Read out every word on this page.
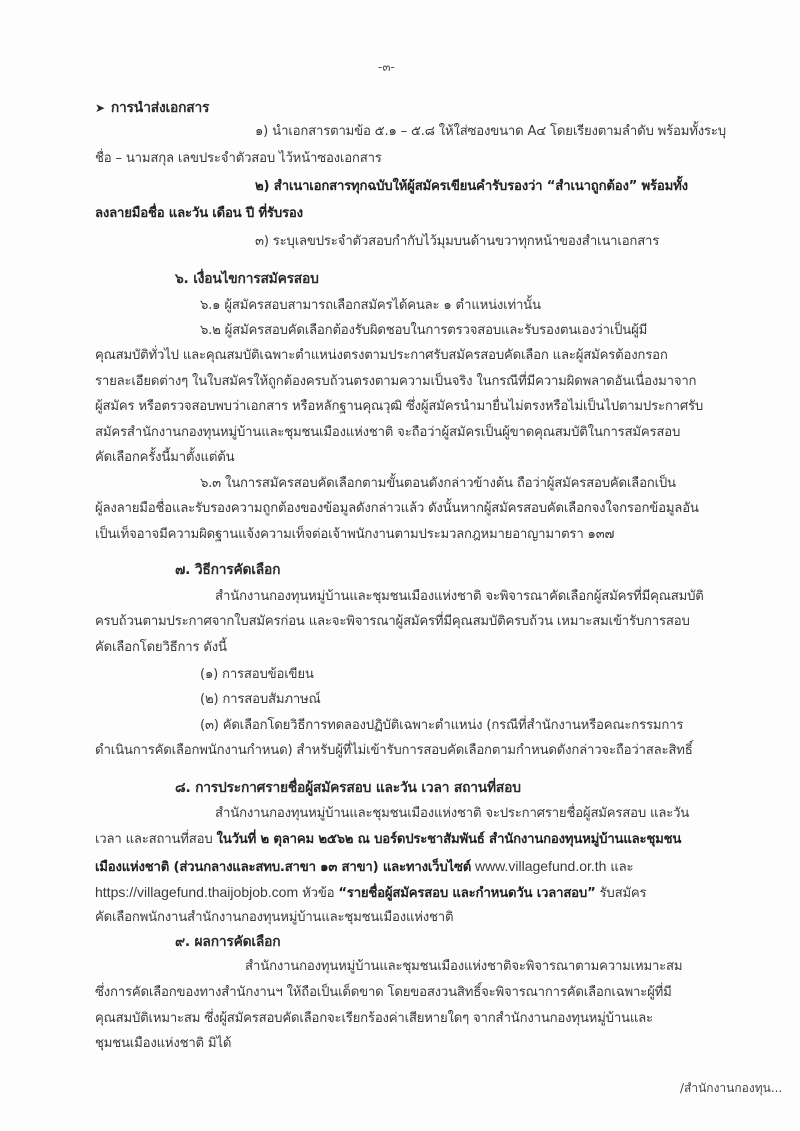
-๓-
➤ การนำส่งเอกสาร
๑) นำเอกสารตามข้อ ๕.๑ – ๕.๘ ให้ใส่ซองขนาด A๔ โดยเรียงตามลำดับ พร้อมทั้งระบุ
ชื่อ – นามสกุล เลขประจำตัวสอบ ไว้หน้าซองเอกสาร
๒) สำเนาเอกสารทุกฉบับให้ผู้สมัครเขียนคำรับรองว่า “สำเนาถูกต้อง” พร้อมทั้ง
ลงลายมือชื่อ และวัน เดือน ปี ที่รับรอง
๓) ระบุเลขประจำตัวสอบกำกับไว้มุมบนด้านขวาทุกหน้าของสำเนาเอกสาร
๖. เงื่อนไขการสมัครสอบ
๖.๑ ผู้สมัครสอบสามารถเลือกสมัครได้คนละ ๑ ตำแหน่งเท่านั้น
๖.๒ ผู้สมัครสอบคัดเลือกต้องรับผิดชอบในการตรวจสอบและรับรองตนเองว่าเป็นผู้มี
คุณสมบัติทั่วไป และคุณสมบัติเฉพาะตำแหน่งตรงตามประกาศรับสมัครสอบคัดเลือก และผู้สมัครต้องกรอก
รายละเอียดต่างๆ ในใบสมัครให้ถูกต้องครบถ้วนตรงตามความเป็นจริง ในกรณีที่มีความผิดพลาดอันเนื่องมาจาก
ผู้สมัคร หรือตรวจสอบพบว่าเอกสาร หรือหลักฐานคุณวุฒิ ซึ่งผู้สมัครนำมายื่นไม่ตรงหรือไม่เป็นไปตามประกาศรับ
สมัครสำนักงานกองทุนหมู่บ้านและชุมชนเมืองแห่งชาติ จะถือว่าผู้สมัครเป็นผู้ขาดคุณสมบัติในการสมัครสอบ
คัดเลือกครั้งนี้มาตั้งแต่ต้น
๖.๓ ในการสมัครสอบคัดเลือกตามขั้นตอนดังกล่าวข้างต้น ถือว่าผู้สมัครสอบคัดเลือกเป็น
ผู้ลงลายมือชื่อและรับรองความถูกต้องของข้อมูลดังกล่าวแล้ว ดังนั้นหากผู้สมัครสอบคัดเลือกจงใจกรอกข้อมูลอัน
เป็นเท็จอาจมีความผิดฐานแจ้งความเท็จต่อเจ้าพนักงานตามประมวลกฎหมายอาญามาตรา ๑๓๗
๗. วิธีการคัดเลือก
สำนักงานกองทุนหมู่บ้านและชุมชนเมืองแห่งชาติ จะพิจารณาคัดเลือกผู้สมัครที่มีคุณสมบัติ
ครบถ้วนตามประกาศจากใบสมัครก่อน และจะพิจารณาผู้สมัครที่มีคุณสมบัติครบถ้วน เหมาะสมเข้ารับการสอบ
คัดเลือกโดยวิธีการ ดังนี้
(๑) การสอบข้อเขียน
(๒) การสอบสัมภาษณ์
(๓) คัดเลือกโดยวิธีการทดลองปฏิบัติเฉพาะตำแหน่ง (กรณีที่สำนักงานหรือคณะกรรมการ
ดำเนินการคัดเลือกพนักงานกำหนด) สำหรับผู้ที่ไม่เข้ารับการสอบคัดเลือกตามกำหนดดังกล่าวจะถือว่าสละสิทธิ์
๘. การประกาศรายชื่อผู้สมัครสอบ และวัน เวลา สถานที่สอบ
สำนักงานกองทุนหมู่บ้านและชุมชนเมืองแห่งชาติ จะประกาศรายชื่อผู้สมัครสอบ และวัน
เวลา และสถานที่สอบ ในวันที่ ๒ ตุลาคม ๒๕๖๒ ณ บอร์ดประชาสัมพันธ์ สำนักงานกองทุนหมู่บ้านและชุมชน
เมืองแห่งชาติ (ส่วนกลางและสทบ.สาขา ๑๓ สาขา) และทางเว็บไซต์ www.villagefund.or.th และ
https://villagefund.thaijobjob.com หัวข้อ “รายชื่อผู้สมัครสอบ และกำหนดวัน เวลาสอบ” รับสมัคร
คัดเลือกพนักงานสำนักงานกองทุนหมู่บ้านและชุมชนเมืองแห่งชาติ
๙. ผลการคัดเลือก
สำนักงานกองทุนหมู่บ้านและชุมชนเมืองแห่งชาติจะพิจารณาตามความเหมาะสม
ซึ่งการคัดเลือกของทางสำนักงานฯ ให้ถือเป็นเด็ดขาด โดยขอสงวนสิทธิ์จะพิจารณาการคัดเลือกเฉพาะผู้ที่มี
คุณสมบัติเหมาะสม ซึ่งผู้สมัครสอบคัดเลือกจะเรียกร้องค่าเสียหายใดๆ จากสำนักงานกองทุนหมู่บ้านและ
ชุมชนเมืองแห่งชาติ มิได้
/สำนักงานกองทุน...
